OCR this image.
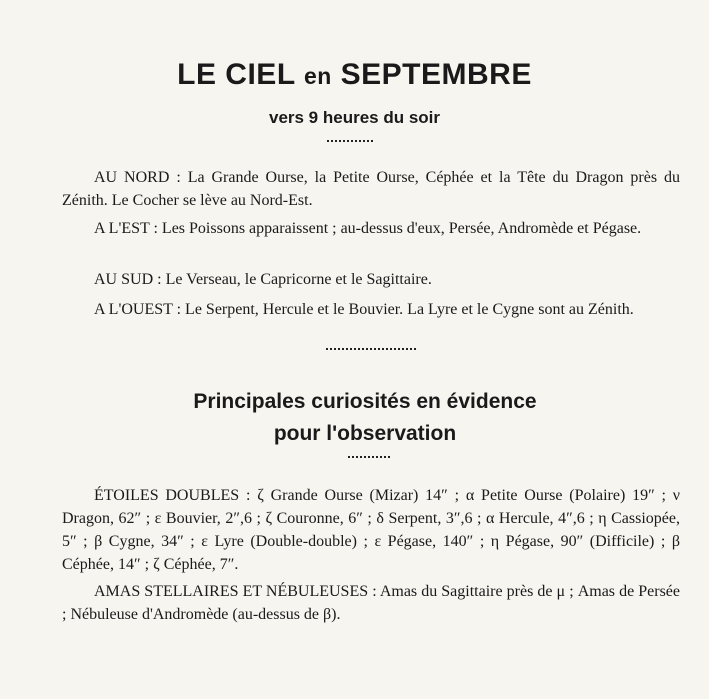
LE CIEL en SEPTEMBRE

vers 9 heures du soir

AU NORD : La Grande Ourse, la Petite Ourse, Céphée et la Tête du Dragon près du Zénith. Le Cocher se lève au Nord-Est.

A L'EST : Les Poissons apparaissent ; au-dessus d'eux, Persée, Andromède et Pégase.

AU SUD : Le Verseau, le Capricorne et le Sagittaire.

A L'OUEST : Le Serpent, Hercule et le Bouvier. La Lyre et le Cygne sont au Zénith.

Principales curiosités en évidence
pour l'observation

ÉTOILES DOUBLES : ζ Grande Ourse (Mizar) 14″ ; α Petite Ourse (Polaire) 19″ ; ν Dragon, 62″ ; ε Bouvier, 2″,6 ; ζ Couronne, 6″ ; δ Serpent, 3″,6 ; α Hercule, 4″,6 ; η Cassiopée, 5″ ; β Cygne, 34″ ; ε Lyre (Double-double) ; ε Pégase, 140″ ; η Pégase, 90″ (Difficile) ; β Céphée, 14″ ; ζ Céphée, 7″.

AMAS STELLAIRES ET NÉBULEUSES : Amas du Sagittaire près de μ ; Amas de Persée ; Nébuleuse d'Andromède (au-dessus de β).
